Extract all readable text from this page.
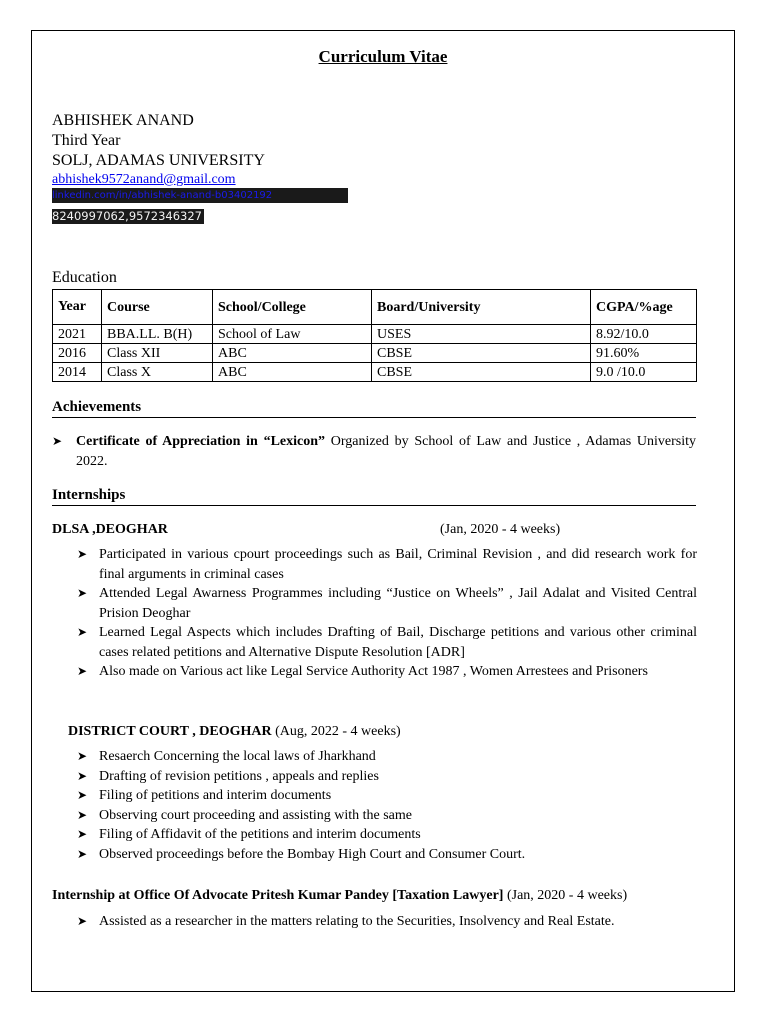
Curriculum Vitae
ABHISHEK ANAND
Third Year
SOLJ, ADAMAS UNIVERSITY
abhishek9572anand@gmail.com
linkedin.com/in/abhishek-anand-b03402192
8240997062,9572346327
Education
Year	Course	School/College	Board/University	CGPA/%age
2021	BBA.LL. B(H)	School of Law	USES	8.92/10.0
2016	Class XII	ABC	CBSE	91.60%
2014	Class X	ABC	CBSE	9.0 /10.0
Achievements
➤ Certificate of Appreciation in “Lexicon” Organized by School of Law and Justice , Adamas University 2022.
Internships
DLSA ,DEOGHAR	(Jan, 2020 - 4 weeks)
➤ Participated in various cpourt proceedings such as Bail, Criminal Revision , and did research work for final arguments in criminal cases
➤ Attended Legal Awarness Programmes including “Justice on Wheels” , Jail Adalat and Visited Central Prision Deoghar
➤ Learned Legal Aspects which includes Drafting of Bail, Discharge petitions and various other criminal cases related petitions and Alternative Dispute Resolution [ADR]
➤ Also made on Various act like Legal Service Authority Act 1987 , Women Arrestees and Prisoners
DISTRICT COURT , DEOGHAR (Aug, 2022 - 4 weeks)
➤ Resaerch Concerning the local laws of Jharkhand
➤ Drafting of revision petitions , appeals and replies
➤ Filing of petitions and interim documents
➤ Observing court proceeding and assisting with the same
➤ Filing of Affidavit of the petitions and interim documents
➤ Observed proceedings before the Bombay High Court and Consumer Court.
Internship at Office Of Advocate Pritesh Kumar Pandey [Taxation Lawyer] (Jan, 2020 - 4 weeks)
➤ Assisted as a researcher in the matters relating to the Securities, Insolvency and Real Estate.
